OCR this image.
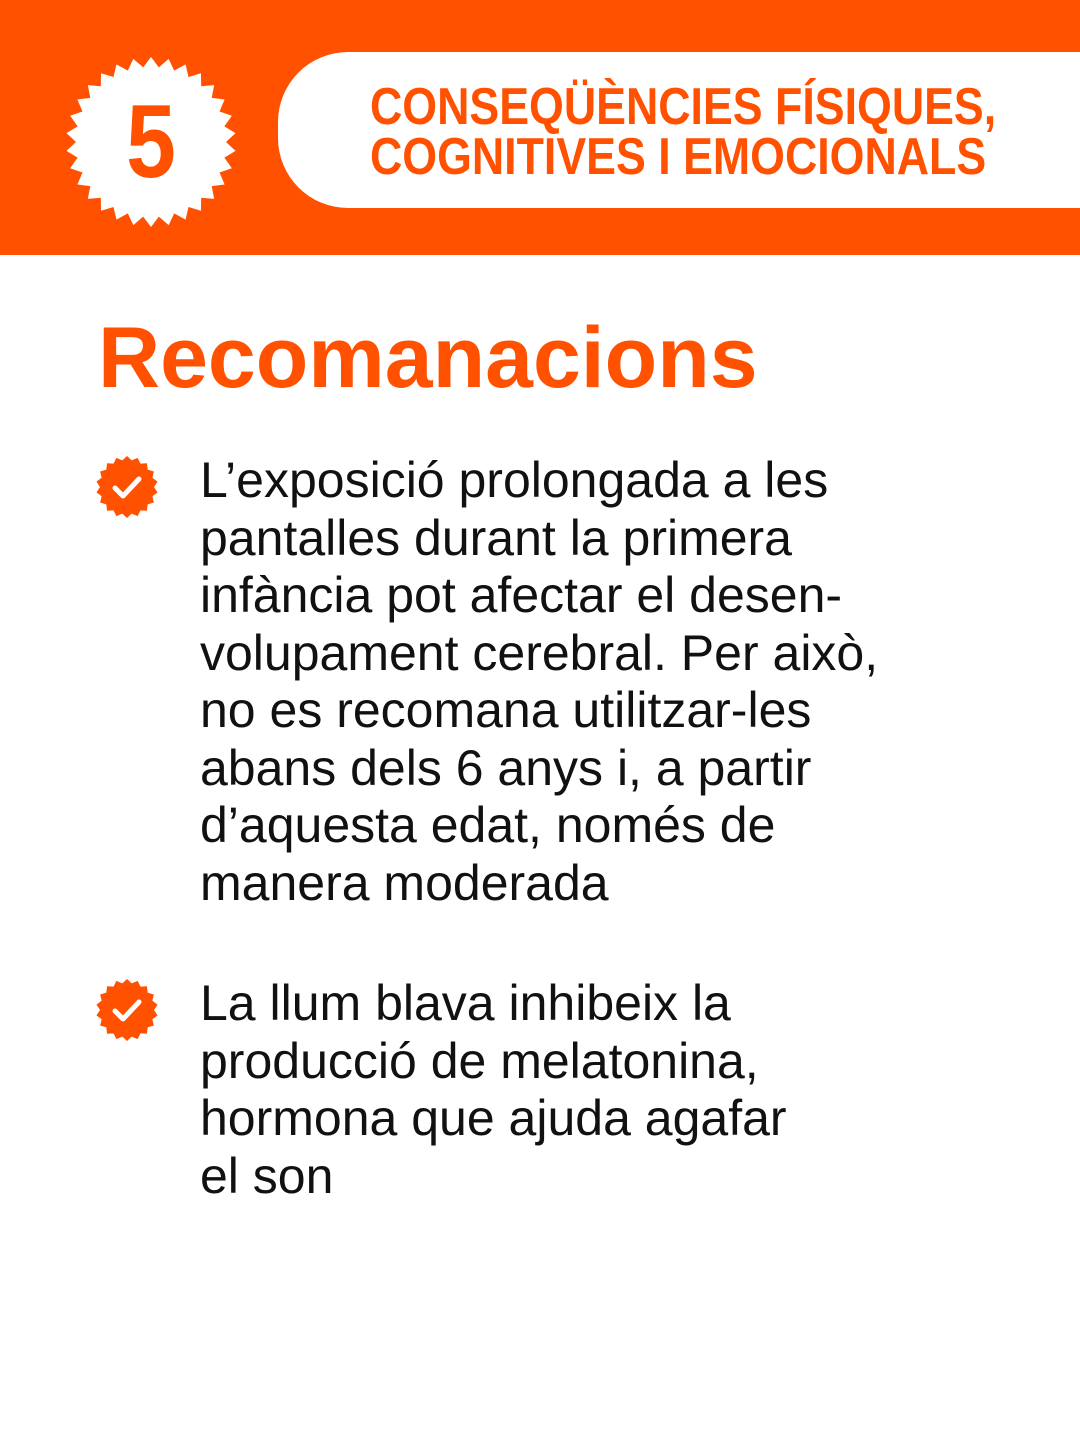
5	CONSEQÜÈNCIES FÍSIQUES,
COGNITIVES I EMOCIONALS
Recomanacions
L’exposició prolongada a les
pantalles durant la primera
infància pot afectar el desen-
volupament cerebral. Per això,
no es recomana utilitzar-les
abans dels 6 anys i, a partir
d’aquesta edat, només de
manera moderada
La llum blava inhibeix la
producció de melatonina,
hormona que ajuda agafar
el son
